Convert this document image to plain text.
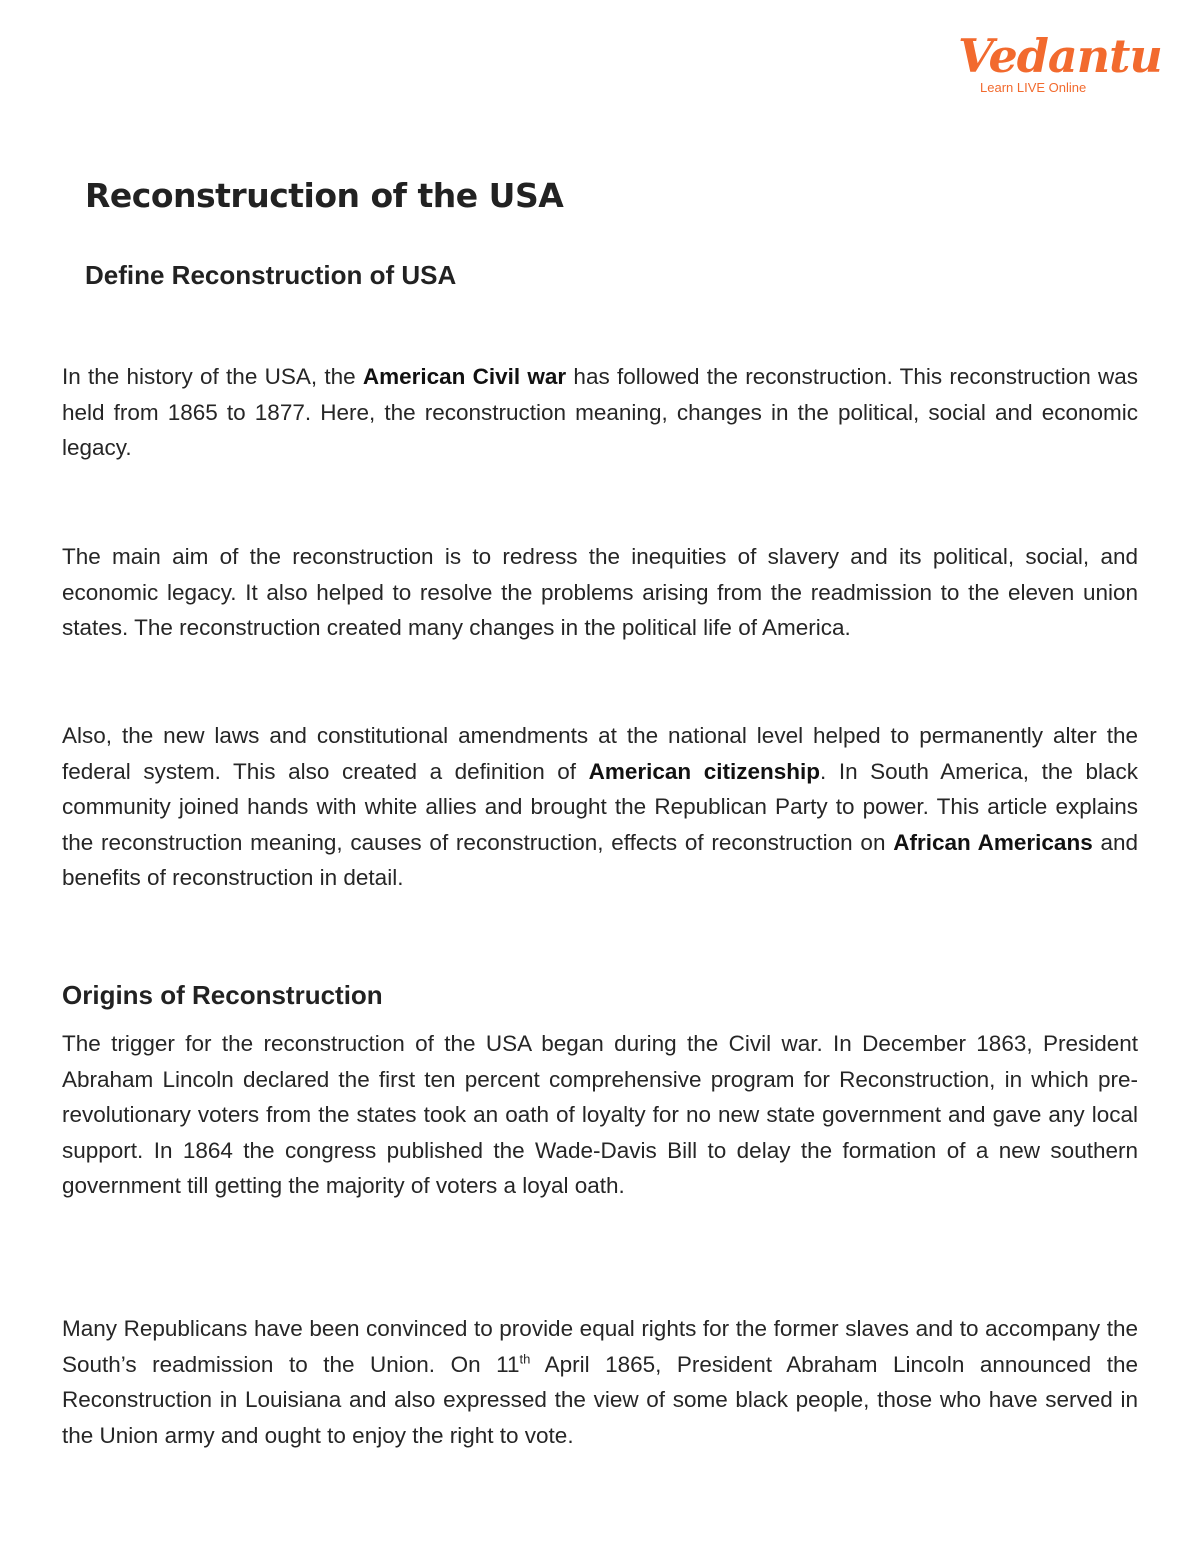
Vedantu
Learn LIVE Online
Reconstruction of the USA
Define Reconstruction of USA

In the history of the USA, the American Civil war has followed the reconstruction. This reconstruction was held from 1865 to 1877. Here, the reconstruction meaning, changes in the political, social and economic legacy.

The main aim of the reconstruction is to redress the inequities of slavery and its political, social, and economic legacy. It also helped to resolve the problems arising from the readmission to the eleven union states. The reconstruction created many changes in the political life of America.

Also, the new laws and constitutional amendments at the national level helped to permanently alter the federal system. This also created a definition of American citizenship. In South America, the black community joined hands with white allies and brought the Republican Party to power. This article explains the reconstruction meaning, causes of reconstruction, effects of reconstruction on African Americans and benefits of reconstruction in detail.

Origins of Reconstruction

The trigger for the reconstruction of the USA began during the Civil war. In December 1863, President Abraham Lincoln declared the first ten percent comprehensive program for Reconstruction, in which pre-revolutionary voters from the states took an oath of loyalty for no new state government and gave any local support. In 1864 the congress published the Wade-Davis Bill to delay the formation of a new southern government till getting the majority of voters a loyal oath.

Many Republicans have been convinced to provide equal rights for the former slaves and to accompany the South’s readmission to the Union. On 11th April 1865, President Abraham Lincoln announced the Reconstruction in Louisiana and also expressed the view of some black people, those who have served in the Union army and ought to enjoy the right to vote.
